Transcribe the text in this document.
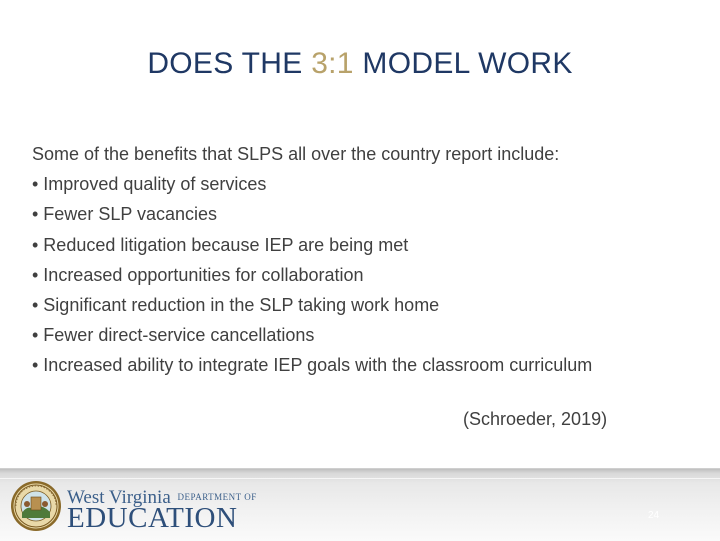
DOES THE 3:1 MODEL WORK
Some of the benefits that SLPS all over the country report include:
• Improved quality of services
• Fewer SLP vacancies
• Reduced litigation because IEP are being met
• Increased opportunities for collaboration
• Significant reduction in the SLP taking work home
• Fewer direct-service cancellations
• Increased ability to integrate IEP goals with the classroom curriculum
(Schroeder, 2019)
West Virginia DEPARTMENT OF
EDUCATION	24
